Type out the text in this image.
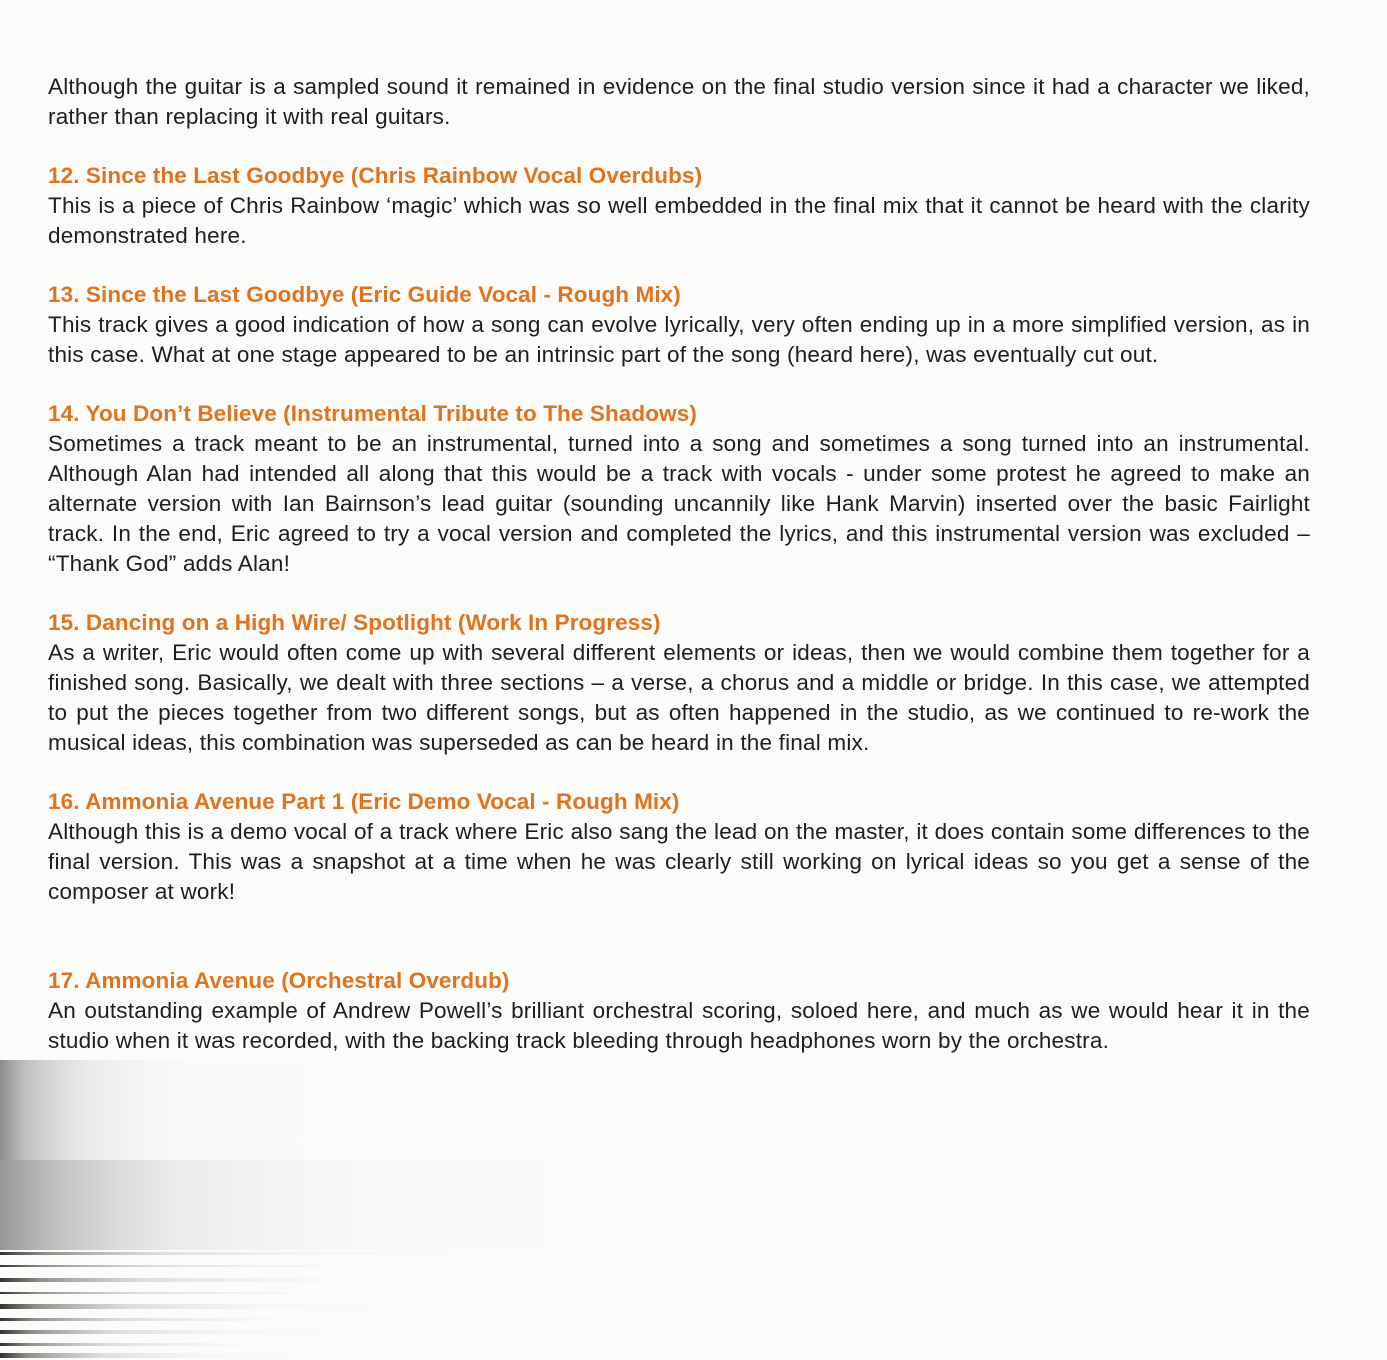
Although the guitar is a sampled sound it remained in evidence on the final studio version since it had a character we liked, rather than replacing it with real guitars.

12. Since the Last Goodbye (Chris Rainbow Vocal Overdubs)

This is a piece of Chris Rainbow ‘magic’ which was so well embedded in the final mix that it cannot be heard with the clarity demonstrated here.

13. Since the Last Goodbye (Eric Guide Vocal - Rough Mix)

This track gives a good indication of how a song can evolve lyrically, very often ending up in a more simplified version, as in this case. What at one stage appeared to be an intrinsic part of the song (heard here), was eventually cut out.

14. You Don’t Believe (Instrumental Tribute to The Shadows)

Sometimes a track meant to be an instrumental, turned into a song and sometimes a song turned into an instrumental. Although Alan had intended all along that this would be a track with vocals - under some protest he agreed to make an alternate version with Ian Bairnson’s lead guitar (sounding uncannily like Hank Marvin) inserted over the basic Fairlight track. In the end, Eric agreed to try a vocal version and completed the lyrics, and this instrumental version was excluded – “Thank God” adds Alan!

15. Dancing on a High Wire/ Spotlight (Work In Progress)

As a writer, Eric would often come up with several different elements or ideas, then we would combine them together for a finished song. Basically, we dealt with three sections – a verse, a chorus and a middle or bridge. In this case, we attempted to put the pieces together from two different songs, but as often happened in the studio, as we continued to re-work the musical ideas, this combination was superseded as can be heard in the final mix.

16. Ammonia Avenue Part 1 (Eric Demo Vocal - Rough Mix)

Although this is a demo vocal of a track where Eric also sang the lead on the master, it does contain some differences to the final version. This was a snapshot at a time when he was clearly still working on lyrical ideas so you get a sense of the composer at work!

17. Ammonia Avenue (Orchestral Overdub)

An outstanding example of Andrew Powell’s brilliant orchestral scoring, soloed here, and much as we would hear it in the studio when it was recorded, with the backing track bleeding through headphones worn by the orchestra.
